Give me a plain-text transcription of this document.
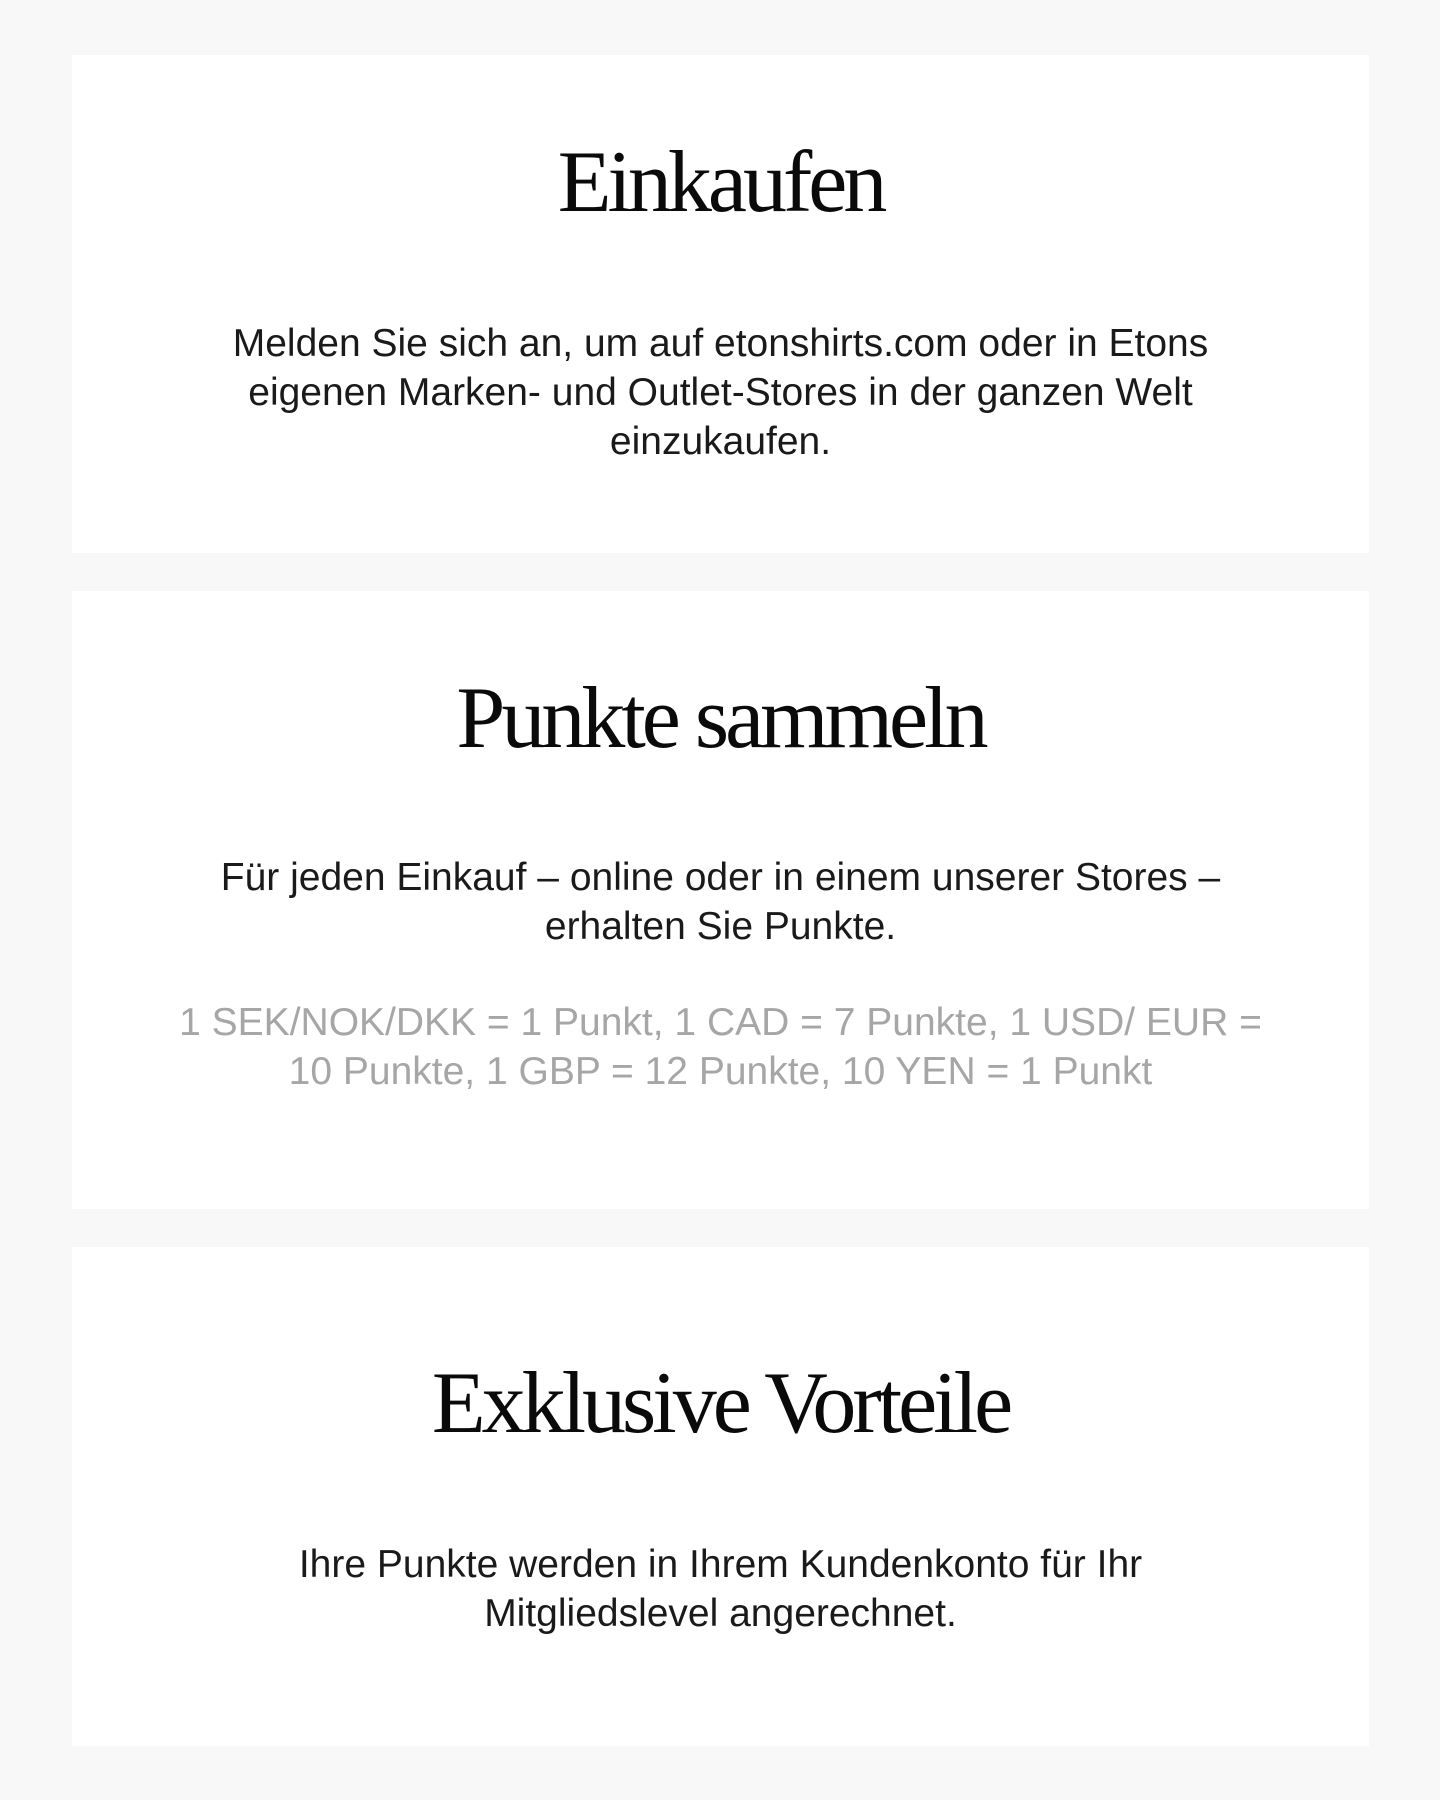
Einkaufen

Melden Sie sich an, um auf etonshirts.com oder in Etons eigenen Marken- und Outlet-Stores in der ganzen Welt einzukaufen.

Punkte sammeln

Für jeden Einkauf – online oder in einem unserer Stores – erhalten Sie Punkte.

1 SEK/NOK/DKK = 1 Punkt, 1 CAD = 7 Punkte, 1 USD/ EUR = 10 Punkte, 1 GBP = 12 Punkte, 10 YEN = 1 Punkt

Exklusive Vorteile

Ihre Punkte werden in Ihrem Kundenkonto für Ihr Mitgliedslevel angerechnet.
